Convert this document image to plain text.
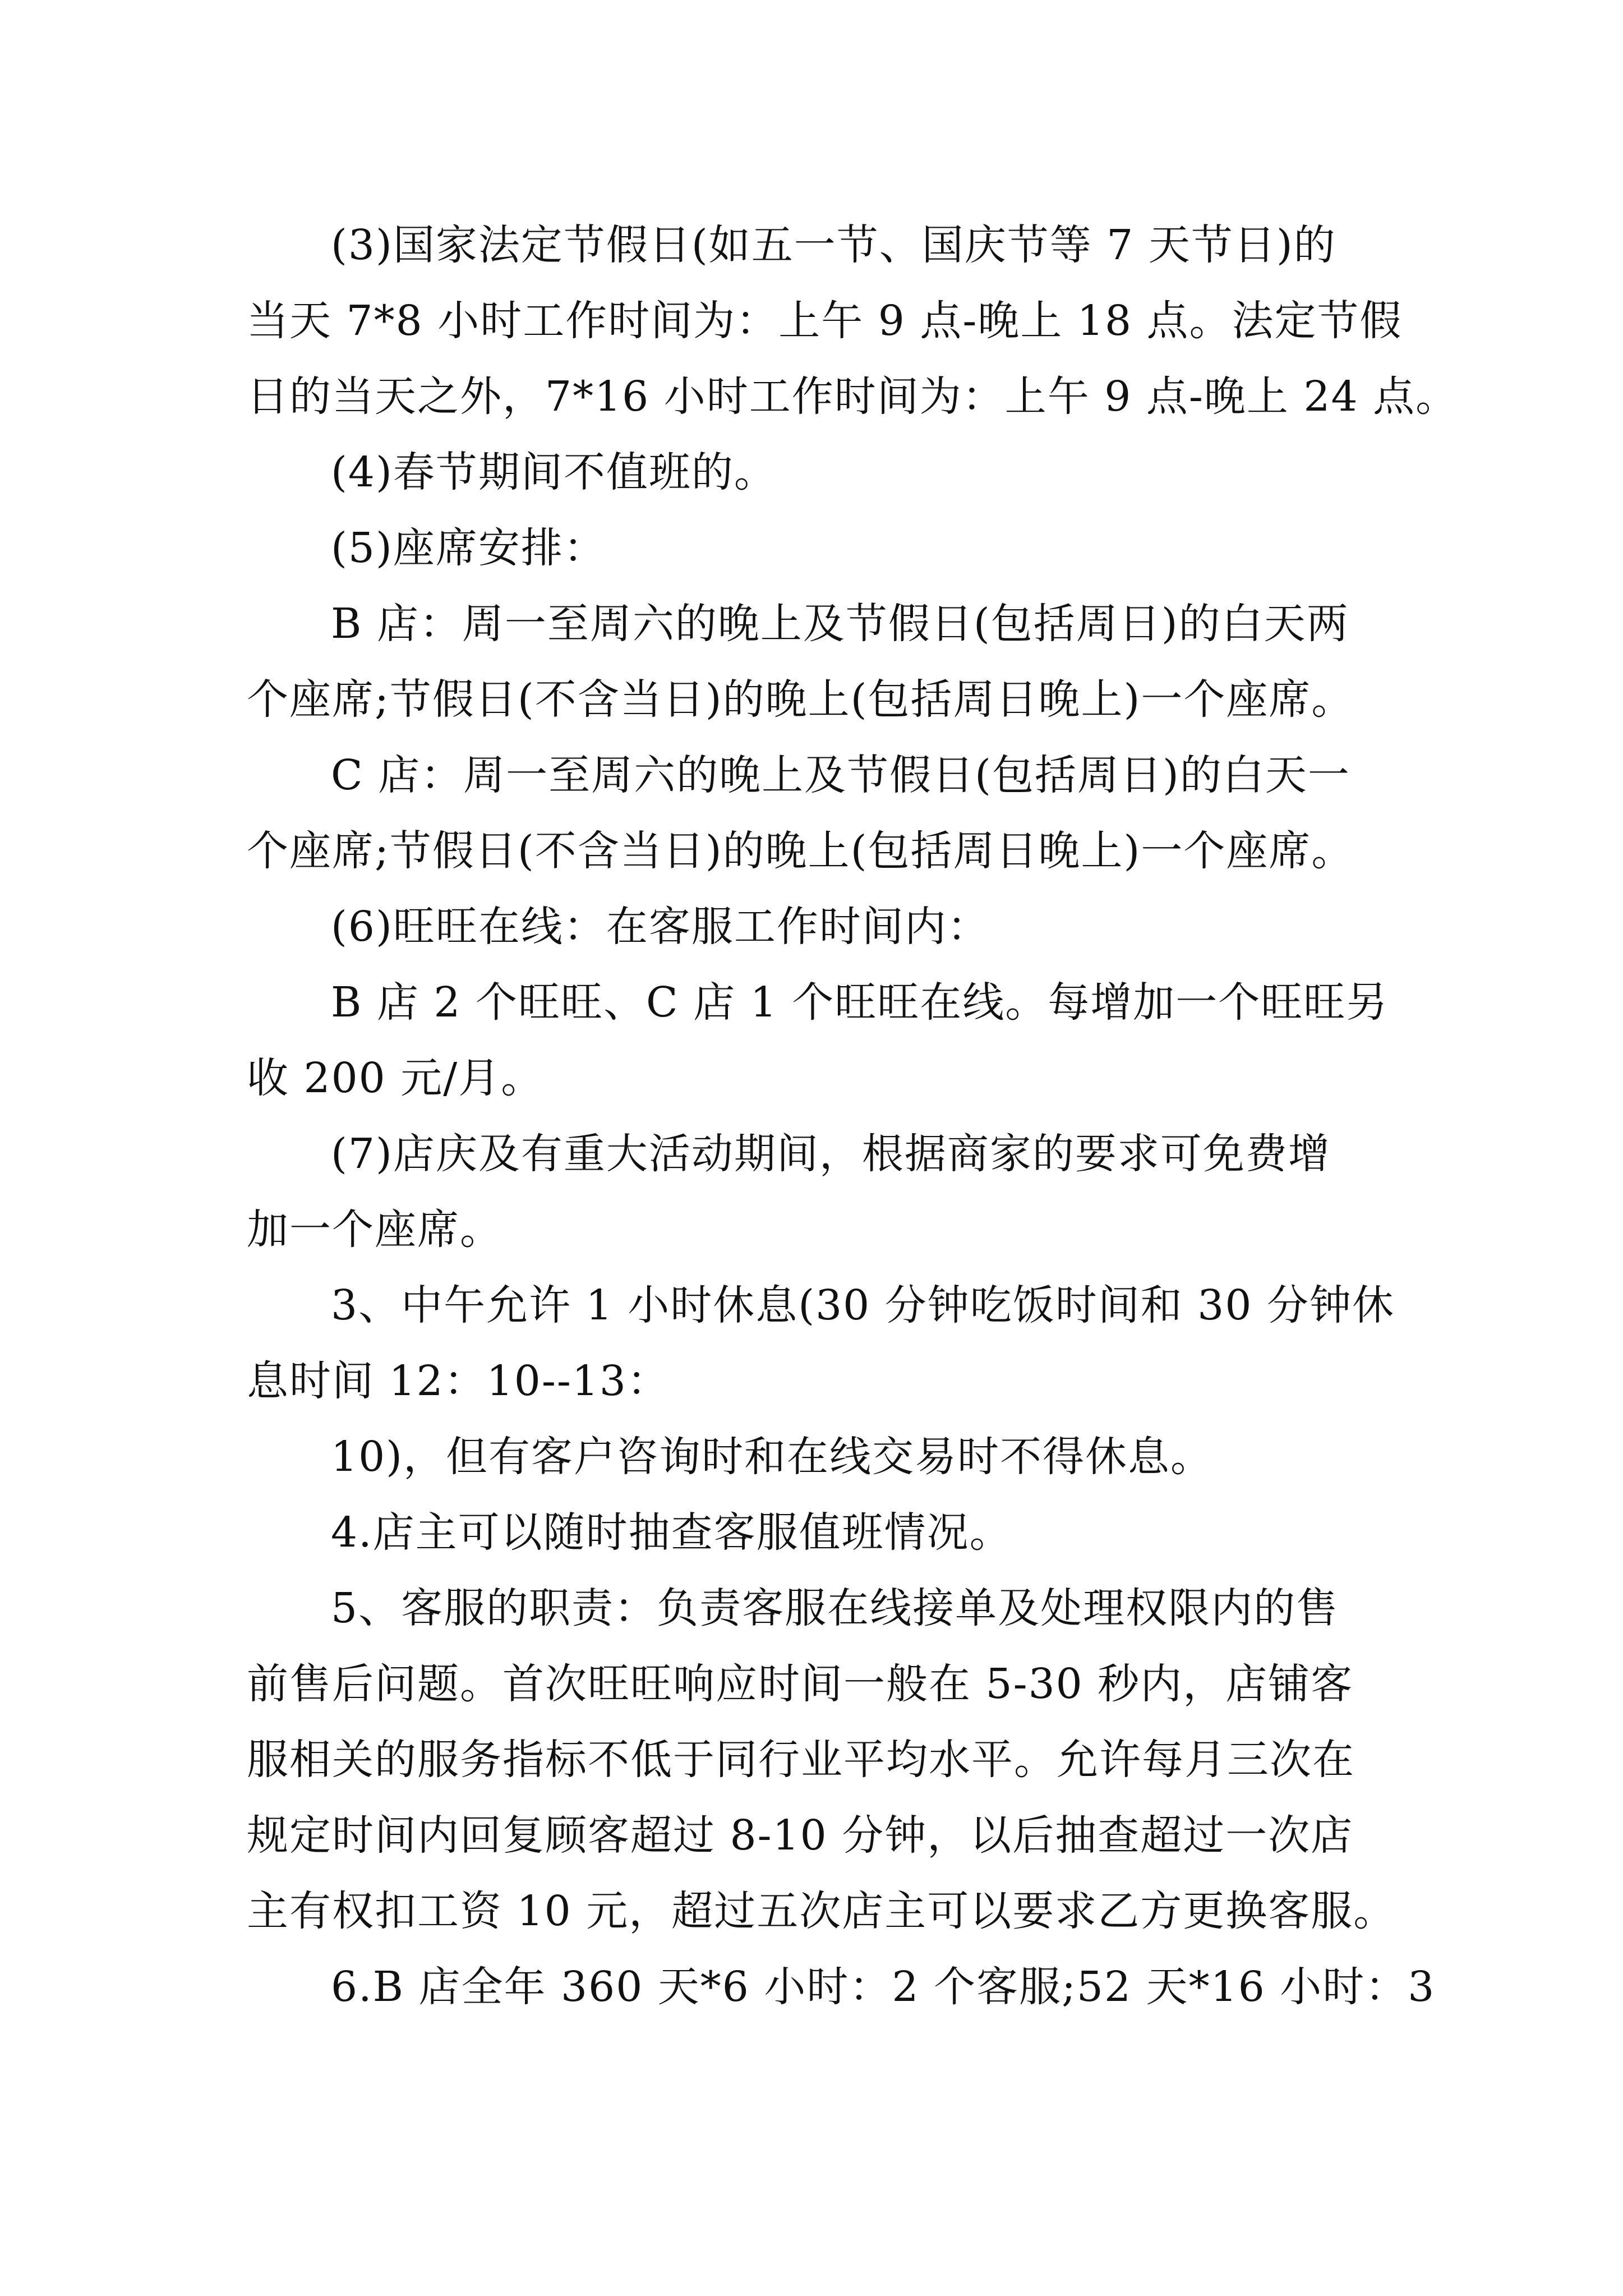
(3)国家法定节假日(如五一节、国庆节等 7 天节日)的
当天 7*8 小时工作时间为：上午 9 点-晚上 18 点。法定节假
日的当天之外，7*16 小时工作时间为：上午 9 点-晚上 24 点。
(4)春节期间不值班的。
(5)座席安排：
B 店：周一至周六的晚上及节假日(包括周日)的白天两
个座席;节假日(不含当日)的晚上(包括周日晚上)一个座席。
C 店：周一至周六的晚上及节假日(包括周日)的白天一
个座席;节假日(不含当日)的晚上(包括周日晚上)一个座席。
(6)旺旺在线：在客服工作时间内：
B 店 2 个旺旺、C 店 1 个旺旺在线。每增加一个旺旺另
收 200 元/月。
(7)店庆及有重大活动期间，根据商家的要求可免费增
加一个座席。
3、中午允许 1 小时休息(30 分钟吃饭时间和 30 分钟休
息时间 12：10--13：
10)，但有客户咨询时和在线交易时不得休息。
4.店主可以随时抽查客服值班情况。
5、客服的职责：负责客服在线接单及处理权限内的售
前售后问题。首次旺旺响应时间一般在 5-30 秒内，店铺客
服相关的服务指标不低于同行业平均水平。允许每月三次在
规定时间内回复顾客超过 8-10 分钟，以后抽查超过一次店
主有权扣工资 10 元，超过五次店主可以要求乙方更换客服。
6.B 店全年 360 天*6 小时：2 个客服;52 天*16 小时：3
